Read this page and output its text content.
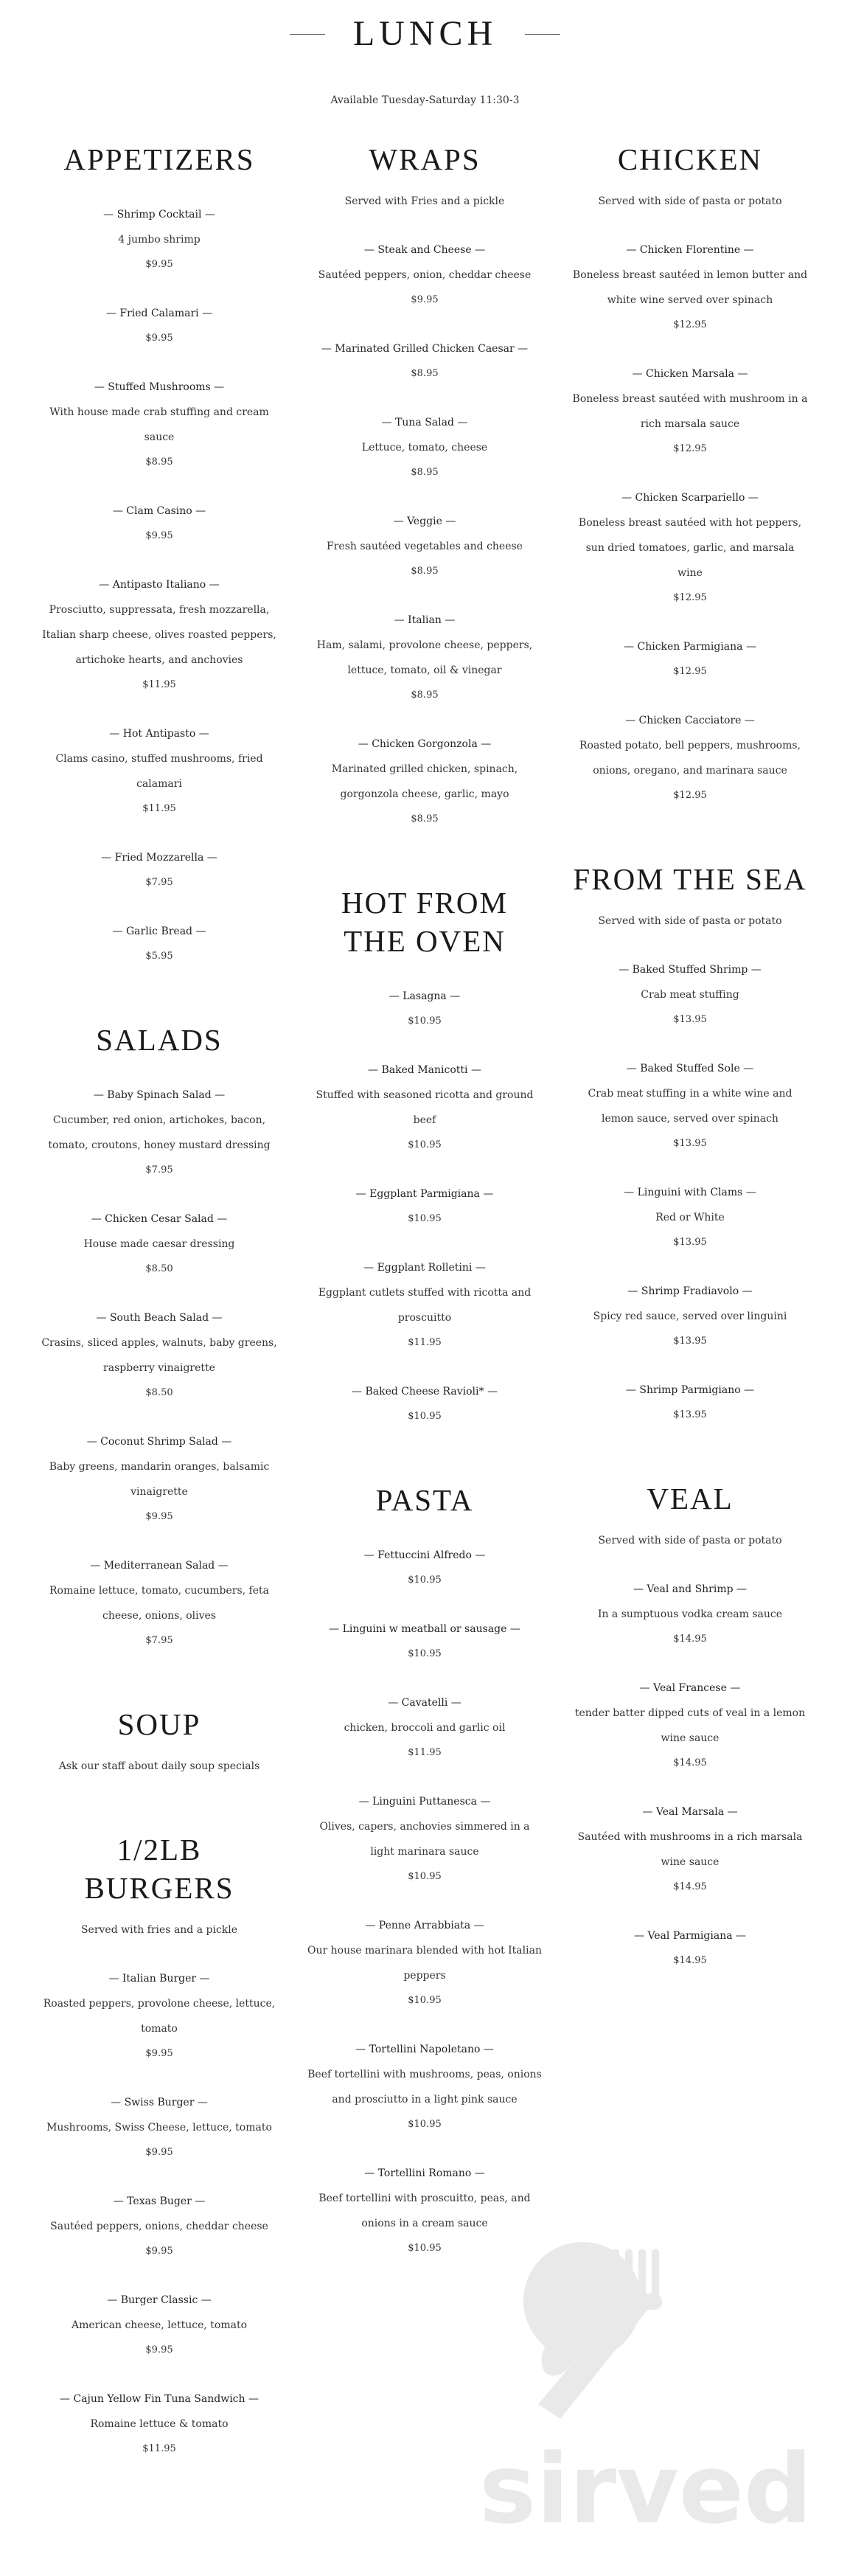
LUNCH
Available Tuesday-Saturday 11:30-3
APPETIZERS
— Shrimp Cocktail —
4 jumbo shrimp
$9.95
— Fried Calamari —
$9.95
— Stuffed Mushrooms —
With house made crab stuffing and cream sauce
$8.95
— Clam Casino —
$9.95
— Antipasto Italiano —
Prosciutto, suppressata, fresh mozzarella, Italian sharp cheese, olives roasted peppers, artichoke hearts, and anchovies
$11.95
— Hot Antipasto —
Clams casino, stuffed mushrooms, fried calamari
$11.95
— Fried Mozzarella —
$7.95
— Garlic Bread —
$5.95
SALADS
— Baby Spinach Salad —
Cucumber, red onion, artichokes, bacon, tomato, croutons, honey mustard dressing
$7.95
— Chicken Cesar Salad —
House made caesar dressing
$8.50
— South Beach Salad —
Crasins, sliced apples, walnuts, baby greens, raspberry vinaigrette
$8.50
— Coconut Shrimp Salad —
Baby greens, mandarin oranges, balsamic vinaigrette
$9.95
— Mediterranean Salad —
Romaine lettuce, tomato, cucumbers, feta cheese, onions, olives
$7.95
SOUP
Ask our staff about daily soup specials
1/2LB BURGERS
Served with fries and a pickle
— Italian Burger —
Roasted peppers, provolone cheese, lettuce, tomato
$9.95
— Swiss Burger —
Mushrooms, Swiss Cheese, lettuce, tomato
$9.95
— Texas Buger —
Sautéed peppers, onions, cheddar cheese
$9.95
— Burger Classic —
American cheese, lettuce, tomato
$9.95
— Cajun Yellow Fin Tuna Sandwich —
Romaine lettuce & tomato
$11.95
WRAPS
Served with Fries and a pickle
— Steak and Cheese —
Sautéed peppers, onion, cheddar cheese
$9.95
— Marinated Grilled Chicken Caesar —
$8.95
— Tuna Salad —
Lettuce, tomato, cheese
$8.95
— Veggie —
Fresh sautéed vegetables and cheese
$8.95
— Italian —
Ham, salami, provolone cheese, peppers, lettuce, tomato, oil & vinegar
$8.95
— Chicken Gorgonzola —
Marinated grilled chicken, spinach, gorgonzola cheese, garlic, mayo
$8.95
HOT FROM THE OVEN
— Lasagna —
$10.95
— Baked Manicotti —
Stuffed with seasoned ricotta and ground beef
$10.95
— Eggplant Parmigiana —
$10.95
— Eggplant Rolletini —
Eggplant cutlets stuffed with ricotta and proscuitto
$11.95
— Baked Cheese Ravioli* —
$10.95
PASTA
— Fettuccini Alfredo —
$10.95
— Linguini w meatball or sausage —
$10.95
— Cavatelli —
chicken, broccoli and garlic oil
$11.95
— Linguini Puttanesca —
Olives, capers, anchovies simmered in a light marinara sauce
$10.95
— Penne Arrabbiata —
Our house marinara blended with hot Italian peppers
$10.95
— Tortellini Napoletano —
Beef tortellini with mushrooms, peas, onions and prosciutto in a light pink sauce
$10.95
— Tortellini Romano —
Beef tortellini with proscuitto, peas, and onions in a cream sauce
$10.95
CHICKEN
Served with side of pasta or potato
— Chicken Florentine —
Boneless breast sautéed in lemon butter and white wine served over spinach
$12.95
— Chicken Marsala —
Boneless breast sautéed with mushroom in a rich marsala sauce
$12.95
— Chicken Scarpariello —
Boneless breast sautéed with hot peppers, sun dried tomatoes, garlic, and marsala wine
$12.95
— Chicken Parmigiana —
$12.95
— Chicken Cacciatore —
Roasted potato, bell peppers, mushrooms, onions, oregano, and marinara sauce
$12.95
FROM THE SEA
Served with side of pasta or potato
— Baked Stuffed Shrimp —
Crab meat stuffing
$13.95
— Baked Stuffed Sole —
Crab meat stuffing in a white wine and lemon sauce, served over spinach
$13.95
— Linguini with Clams —
Red or White
$13.95
— Shrimp Fradiavolo —
Spicy red sauce, served over linguini
$13.95
— Shrimp Parmigiano —
$13.95
VEAL
Served with side of pasta or potato
— Veal and Shrimp —
In a sumptuous vodka cream sauce
$14.95
— Veal Francese —
tender batter dipped cuts of veal in a lemon wine sauce
$14.95
— Veal Marsala —
Sautéed with mushrooms in a rich marsala wine sauce
$14.95
— Veal Parmigiana —
$14.95
sirved
